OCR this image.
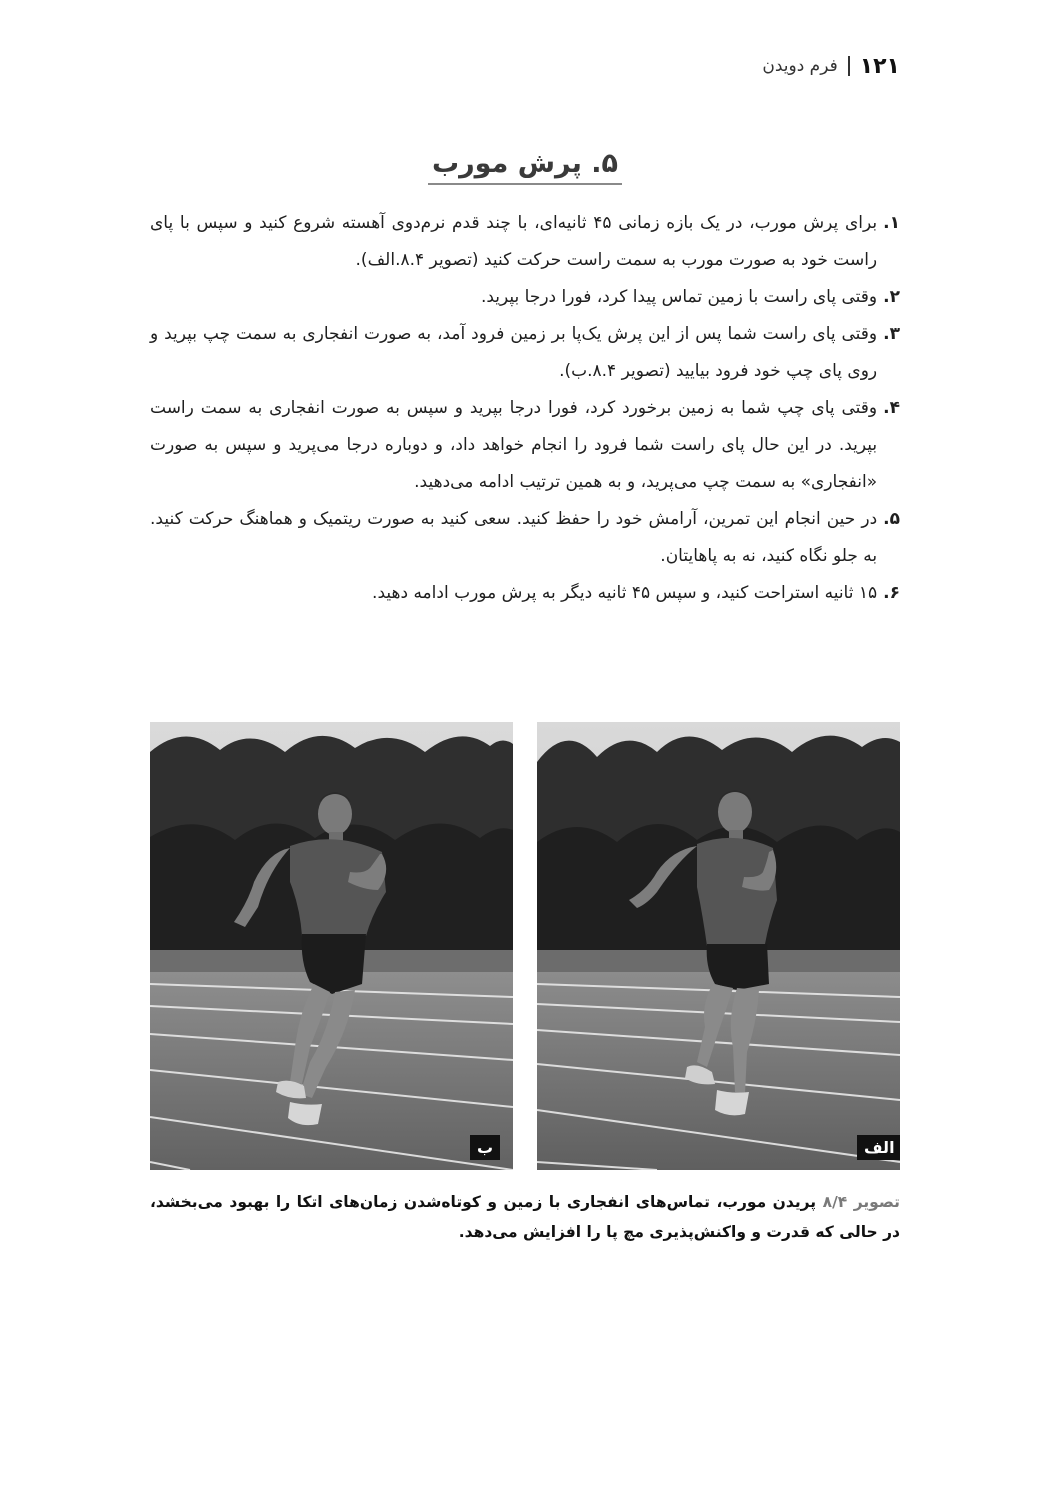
۱۲۱
فرم دویدن
۵. پرش مورب
۱.
برای پرش مورب، در یک بازه زمانی ۴۵ ثانیه‌ای، با چند قدم نرم‌دوی آهسته شروع کنید و سپس با پای راست خود به صورت مورب به سمت راست حرکت کنید (تصویر ۸.۴.الف).
۲.
وقتی پای راست با زمین تماس پیدا کرد، فورا درجا بپرید.
۳.
وقتی پای راست شما پس از این پرش یک‌پا بر زمین فرود آمد، به صورت انفجاری به سمت چپ بپرید و روی پای چپ خود فرود بیایید (تصویر ۸.۴.ب).
۴.
وقتی پای چپ شما به زمین برخورد کرد، فورا درجا بپرید و سپس به صورت انفجاری به سمت راست بپرید. در این حال پای راست شما فرود را انجام خواهد داد، و دوباره درجا می‌پرید و سپس به صورت «انفجاری» به سمت چپ می‌پرید، و به همین ترتیب ادامه می‌دهید.
۵.
در حین انجام این تمرین، آرامش خود را حفظ کنید. سعی کنید به صورت ریتمیک و هماهنگ حرکت کنید. به جلو نگاه کنید، نه به پاهایتان.
۶.
۱۵ ثانیه استراحت کنید، و سپس ۴۵ ثانیه دیگر به پرش مورب ادامه دهید.
الف
ب
تصویر ۸/۴ پریدن مورب، تماس‌های انفجاری با زمین و کوتاه‌شدن زمان‌های اتکا را بهبود می‌بخشد، در حالی که قدرت و واکنش‌پذیری مچ پا را افزایش می‌دهد.
